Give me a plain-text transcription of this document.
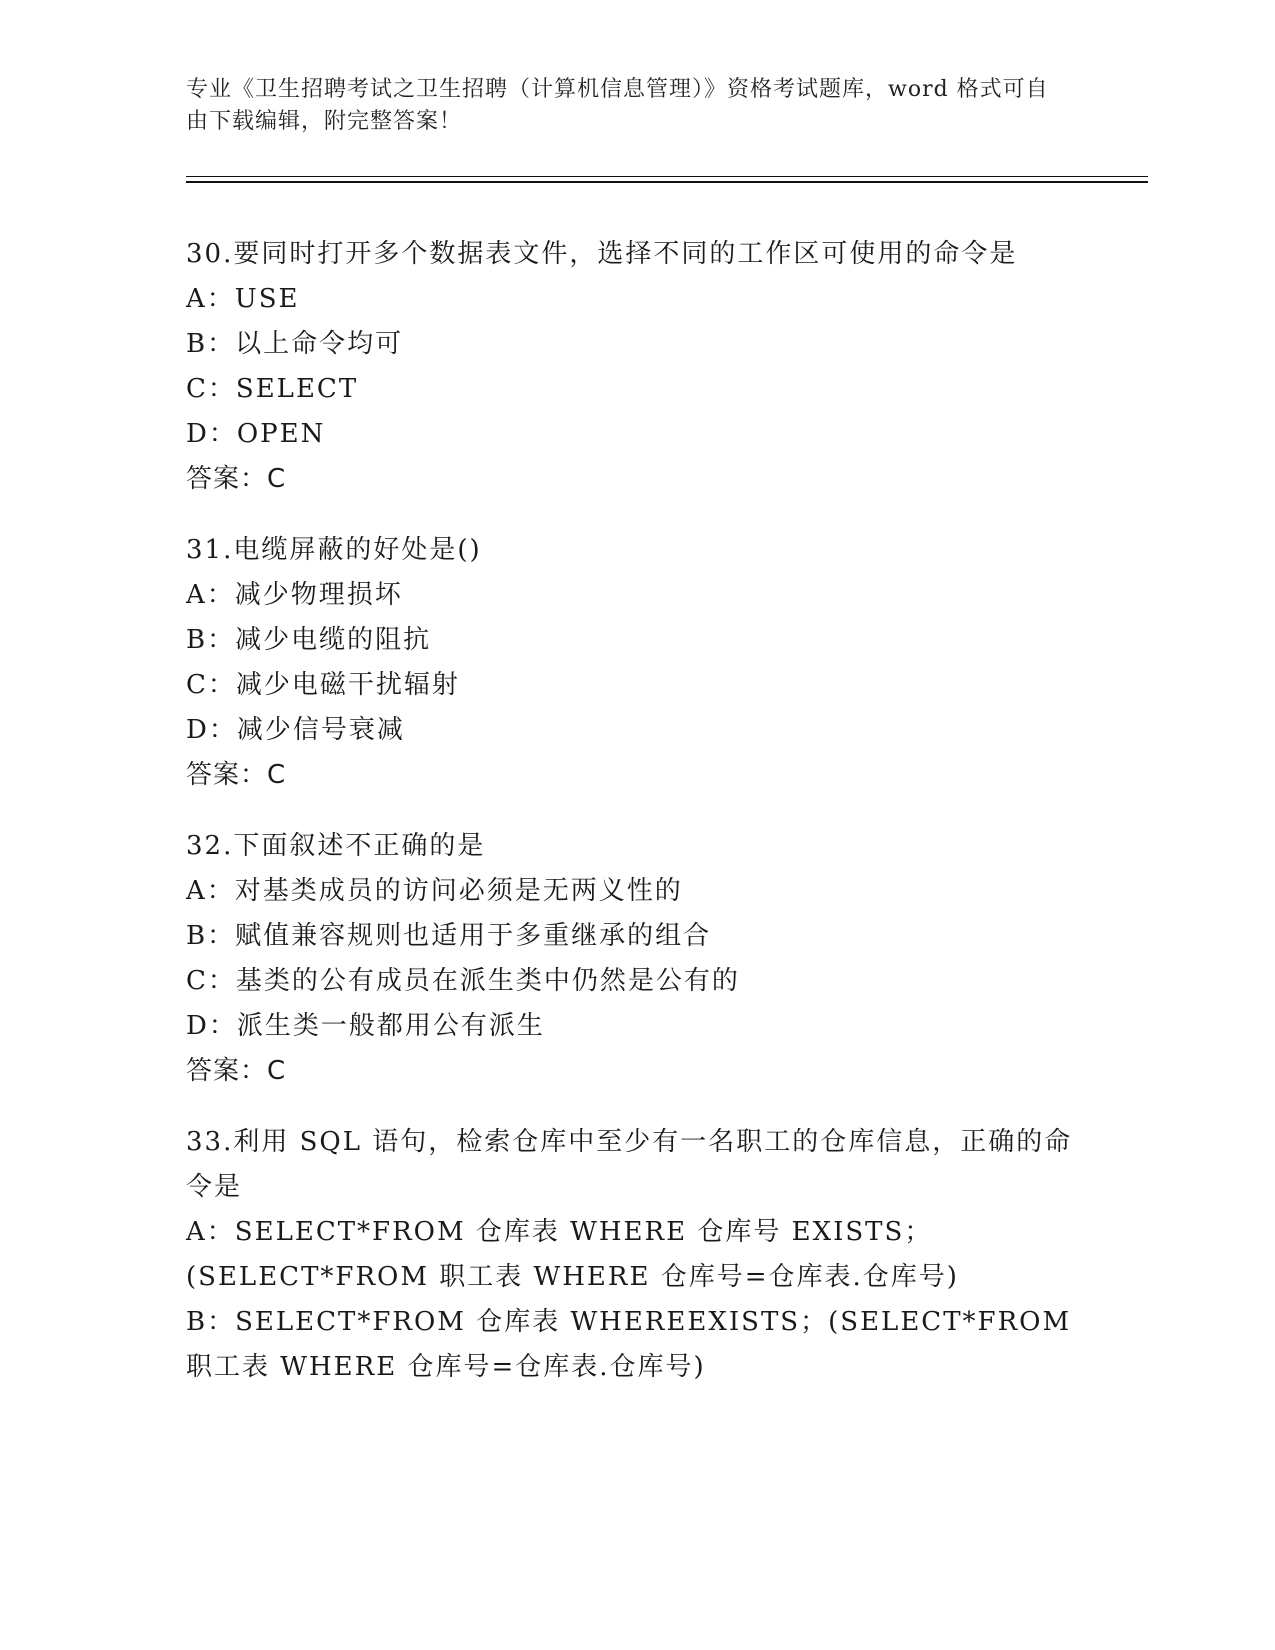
专业《卫生招聘考试之卫生招聘（计算机信息管理）》资格考试题库，word 格式可自由下载编辑，附完整答案！
30.要同时打开多个数据表文件，选择不同的工作区可使用的命令是
A：USE
B：以上命令均可
C：SELECT
D：OPEN
答案：C
31.电缆屏蔽的好处是()
A：减少物理损坏
B：减少电缆的阻抗
C：减少电磁干扰辐射
D：减少信号衰减
答案：C
32.下面叙述不正确的是
A：对基类成员的访问必须是无两义性的
B：赋值兼容规则也适用于多重继承的组合
C：基类的公有成员在派生类中仍然是公有的
D：派生类一般都用公有派生
答案：C
33.利用 SQL 语句，检索仓库中至少有一名职工的仓库信息，正确的命令是
A：SELECT*FROM 仓库表 WHERE 仓库号 EXISTS；(SELECT*FROM 职工表 WHERE 仓库号=仓库表.仓库号)
B：SELECT*FROM 仓库表 WHEREEXISTS；(SELECT*FROM 职工表 WHERE 仓库号=仓库表.仓库号)
